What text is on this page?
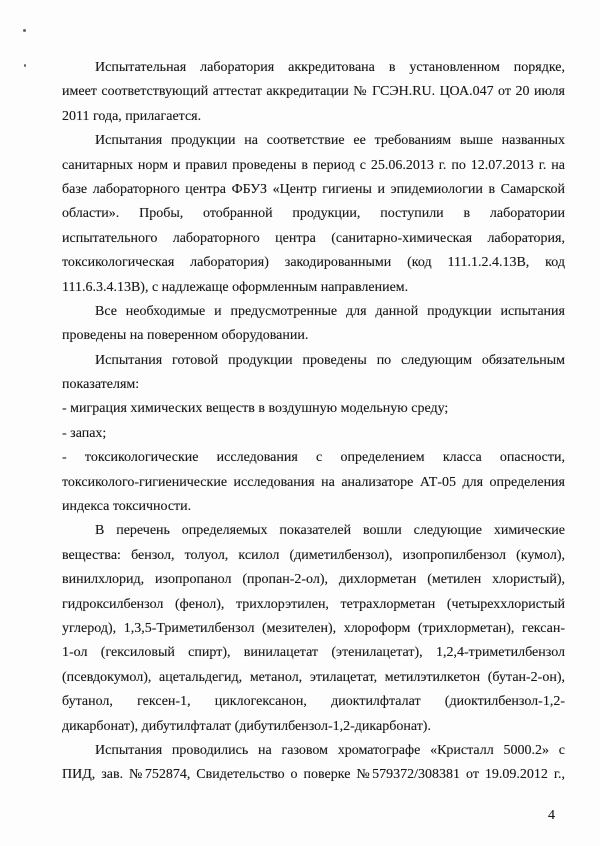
Испытательная лаборатория аккредитована в установленном порядке,
имеет соответствующий аттестат аккредитации № ГСЭН.RU. ЦОА.047 от 20 июля
2011 года, прилагается.
Испытания продукции на соответствие ее требованиям выше названных
санитарных норм и правил проведены в период с 25.06.2013 г. по 12.07.2013 г. на
базе лабораторного центра ФБУЗ «Центр гигиены и эпидемиологии в Самарской
области». Пробы, отобранной продукции, поступили в лаборатории
испытательного лабораторного центра (санитарно-химическая лаборатория,
токсикологическая лаборатория) закодированными (код 111.1.2.4.13В, код
111.6.3.4.13В), с надлежаще оформленным направлением.
Все необходимые и предусмотренные для данной продукции испытания
проведены на поверенном оборудовании.
Испытания готовой продукции проведены по следующим обязательным
показателям:
- миграция химических веществ в воздушную модельную среду;
- запах;
- токсикологические исследования с определением класса опасности,
токсиколого-гигиенические исследования на анализаторе АТ-05 для определения
индекса токсичности.
В перечень определяемых показателей вошли следующие химические
вещества: бензол, толуол, ксилол (диметилбензол), изопропилбензол (кумол),
винилхлорид, изопропанол (пропан-2-ол), дихлорметан (метилен хлористый),
гидроксилбензол (фенол), трихлорэтилен, тетрахлорметан (четыреххлористый
углерод), 1,3,5-Триметилбензол (мезителен), хлороформ (трихлорметан), гексан-
1-ол (гексиловый спирт), винилацетат (этенилацетат), 1,2,4-триметилбензол
(псевдокумол), ацетальдегид, метанол, этилацетат, метилэтилкетон (бутан-2-он),
бутанол, гексен-1, циклогексанон, диоктилфталат (диоктилбензол-1,2-
дикарбонат), дибутилфталат (дибутилбензол-1,2-дикарбонат).
Испытания проводились на газовом хроматографе «Кристалл 5000.2» с
ПИД, зав. №752874, Свидетельство о поверке №579372/308381 от 19.09.2012 г.,
4
